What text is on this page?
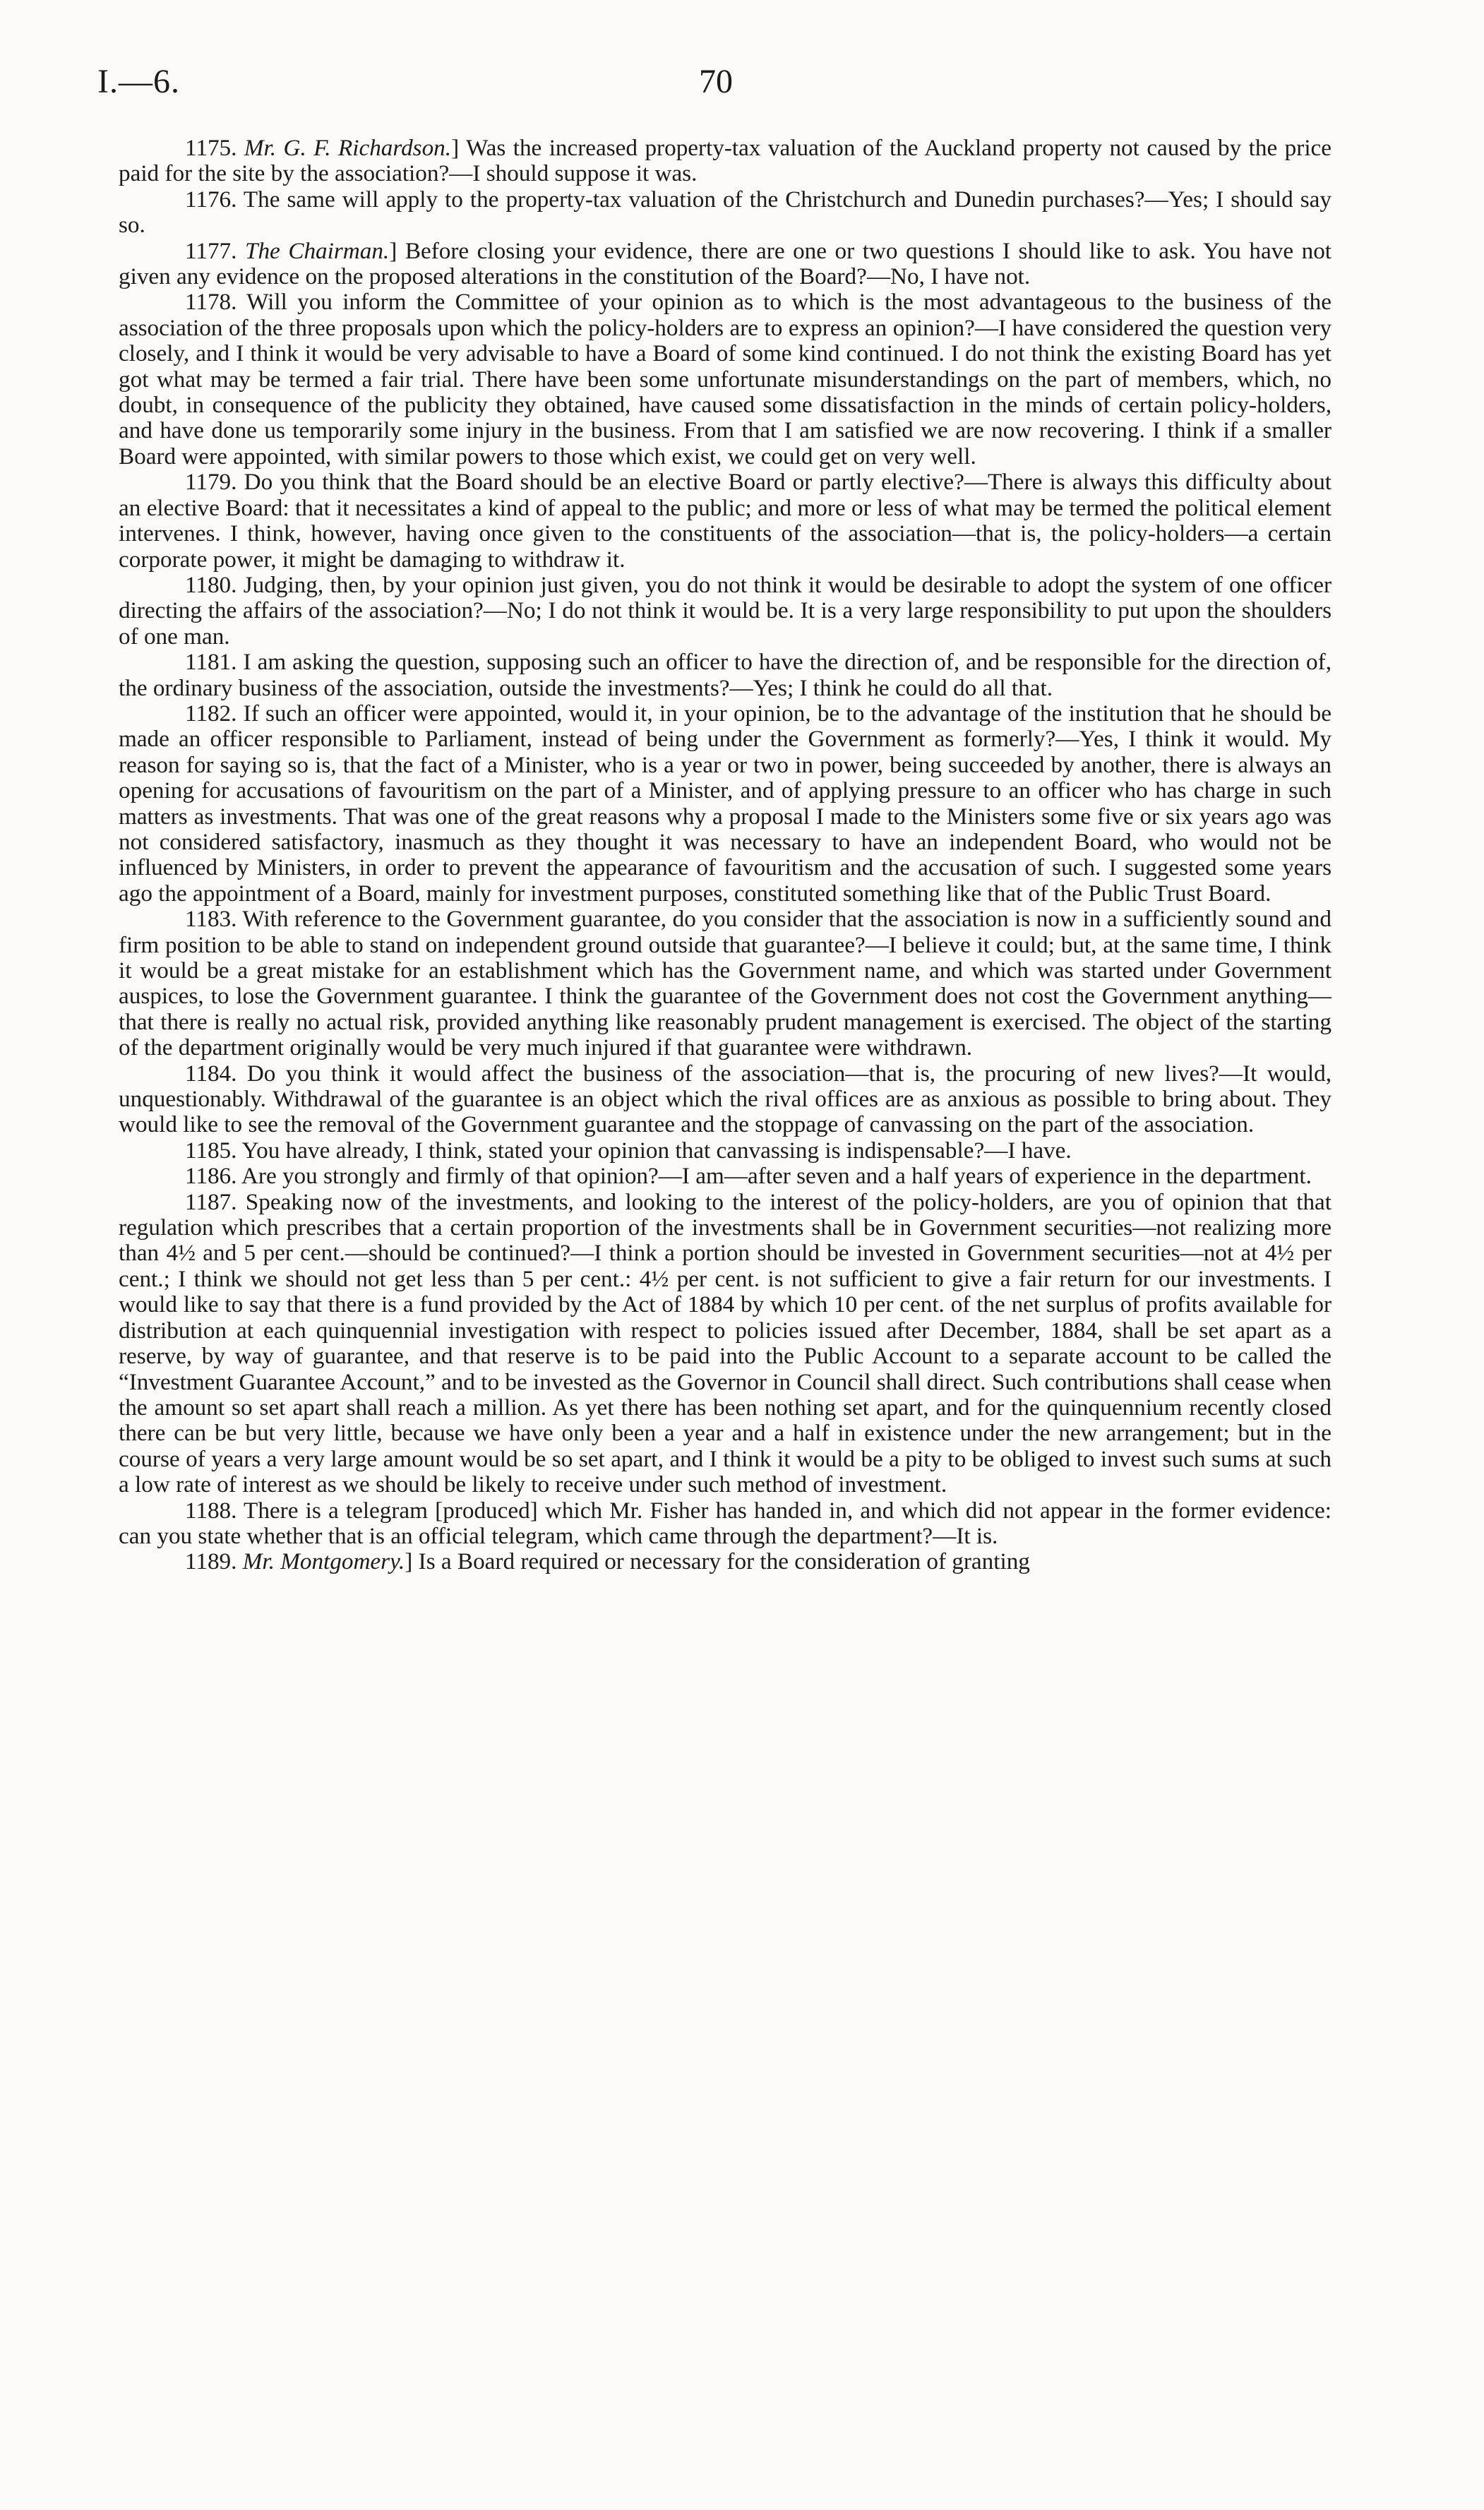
I.—6.	70

1175. Mr. G. F. Richardson.] Was the increased property-tax valuation of the Auckland property not caused by the price paid for the site by the association?—I should suppose it was.

1176. The same will apply to the property-tax valuation of the Christchurch and Dunedin purchases?—Yes; I should say so.

1177. The Chairman.] Before closing your evidence, there are one or two questions I should like to ask. You have not given any evidence on the proposed alterations in the constitution of the Board?—No, I have not.

1178. Will you inform the Committee of your opinion as to which is the most advantageous to the business of the association of the three proposals upon which the policy-holders are to express an opinion?—I have considered the question very closely, and I think it would be very advisable to have a Board of some kind continued. I do not think the existing Board has yet got what may be termed a fair trial. There have been some unfortunate misunderstandings on the part of members, which, no doubt, in consequence of the publicity they obtained, have caused some dissatisfaction in the minds of certain policy-holders, and have done us temporarily some injury in the business. From that I am satisfied we are now recovering. I think if a smaller Board were appointed, with similar powers to those which exist, we could get on very well.

1179. Do you think that the Board should be an elective Board or partly elective?—There is always this difficulty about an elective Board: that it necessitates a kind of appeal to the public; and more or less of what may be termed the political element intervenes. I think, however, having once given to the constituents of the association—that is, the policy-holders—a certain corporate power, it might be damaging to withdraw it.

1180. Judging, then, by your opinion just given, you do not think it would be desirable to adopt the system of one officer directing the affairs of the association?—No; I do not think it would be. It is a very large responsibility to put upon the shoulders of one man.

1181. I am asking the question, supposing such an officer to have the direction of, and be responsible for the direction of, the ordinary business of the association, outside the investments?—Yes; I think he could do all that.

1182. If such an officer were appointed, would it, in your opinion, be to the advantage of the institution that he should be made an officer responsible to Parliament, instead of being under the Government as formerly?—Yes, I think it would. My reason for saying so is, that the fact of a Minister, who is a year or two in power, being succeeded by another, there is always an opening for accusations of favouritism on the part of a Minister, and of applying pressure to an officer who has charge in such matters as investments. That was one of the great reasons why a proposal I made to the Ministers some five or six years ago was not considered satisfactory, inasmuch as they thought it was necessary to have an independent Board, who would not be influenced by Ministers, in order to prevent the appearance of favouritism and the accusation of such. I suggested some years ago the appointment of a Board, mainly for investment purposes, constituted something like that of the Public Trust Board.

1183. With reference to the Government guarantee, do you consider that the association is now in a sufficiently sound and firm position to be able to stand on independent ground outside that guarantee?—I believe it could; but, at the same time, I think it would be a great mistake for an establishment which has the Government name, and which was started under Government auspices, to lose the Government guarantee. I think the guarantee of the Government does not cost the Government anything—that there is really no actual risk, provided anything like reasonably prudent management is exercised. The object of the starting of the department originally would be very much injured if that guarantee were withdrawn.

1184. Do you think it would affect the business of the association—that is, the procuring of new lives?—It would, unquestionably. Withdrawal of the guarantee is an object which the rival offices are as anxious as possible to bring about. They would like to see the removal of the Government guarantee and the stoppage of canvassing on the part of the association.

1185. You have already, I think, stated your opinion that canvassing is indispensable?—I have.

1186. Are you strongly and firmly of that opinion?—I am—after seven and a half years of experience in the department.

1187. Speaking now of the investments, and looking to the interest of the policy-holders, are you of opinion that that regulation which prescribes that a certain proportion of the investments shall be in Government securities—not realizing more than 4½ and 5 per cent.—should be continued?—I think a portion should be invested in Government securities—not at 4½ per cent.; I think we should not get less than 5 per cent.: 4½ per cent. is not sufficient to give a fair return for our investments. I would like to say that there is a fund provided by the Act of 1884 by which 10 per cent. of the net surplus of profits available for distribution at each quinquennial investigation with respect to policies issued after December, 1884, shall be set apart as a reserve, by way of guarantee, and that reserve is to be paid into the Public Account to a separate account to be called the “Investment Guarantee Account,” and to be invested as the Governor in Council shall direct. Such contributions shall cease when the amount so set apart shall reach a million. As yet there has been nothing set apart, and for the quinquennium recently closed there can be but very little, because we have only been a year and a half in existence under the new arrangement; but in the course of years a very large amount would be so set apart, and I think it would be a pity to be obliged to invest such sums at such a low rate of interest as we should be likely to receive under such method of investment.

1188. There is a telegram [produced] which Mr. Fisher has handed in, and which did not appear in the former evidence: can you state whether that is an official telegram, which came through the department?—It is.

1189. Mr. Montgomery.] Is a Board required or necessary for the consideration of granting
